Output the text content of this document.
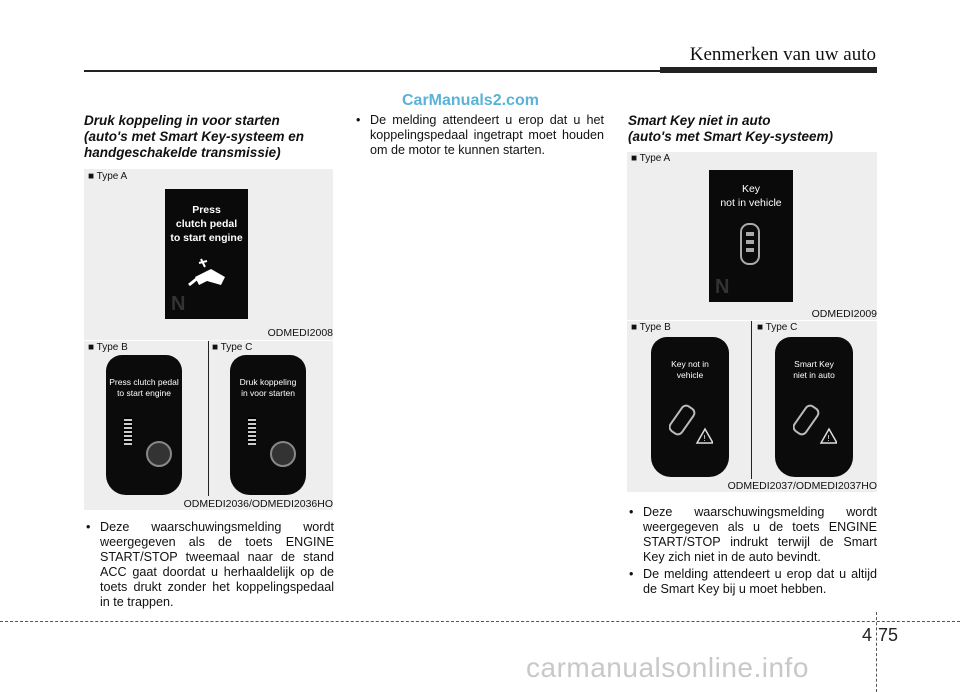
Kenmerken van uw auto
CarManuals2.com
Druk koppeling in voor starten
(auto's met Smart Key-systeem en
handgeschakelde transmissie)
■ Type A
Press
clutch pedal
to start engine
N
ODMEDI2008
■ Type B	■ Type C
Press clutch pedal
to start engine
Druk koppeling
in voor starten
ODMEDI2036/ODMEDI2036HO
• Deze waarschuwingsmelding wordt weergegeven als de toets ENGINE START/STOP tweemaal naar de stand ACC gaat doordat u herhaaldelijk op de toets drukt zonder het koppelingspedaal in te trappen.
• De melding attendeert u erop dat u het koppelingspedaal ingetrapt moet houden om de motor te kunnen starten.
Smart Key niet in auto
(auto's met Smart Key-systeem)
■ Type A
Key
not in vehicle
N
ODMEDI2009
■ Type B	■ Type C
Key not in
vehicle
!
Smart Key
niet in auto
!
ODMEDI2037/ODMEDI2037HO
• Deze waarschuwingsmelding wordt weergegeven als u de toets ENGINE START/STOP indrukt terwijl de Smart Key zich niet in de auto bevindt.
• De melding attendeert u erop dat u altijd de Smart Key bij u moet hebben.
4 75
carmanualsonline.info
